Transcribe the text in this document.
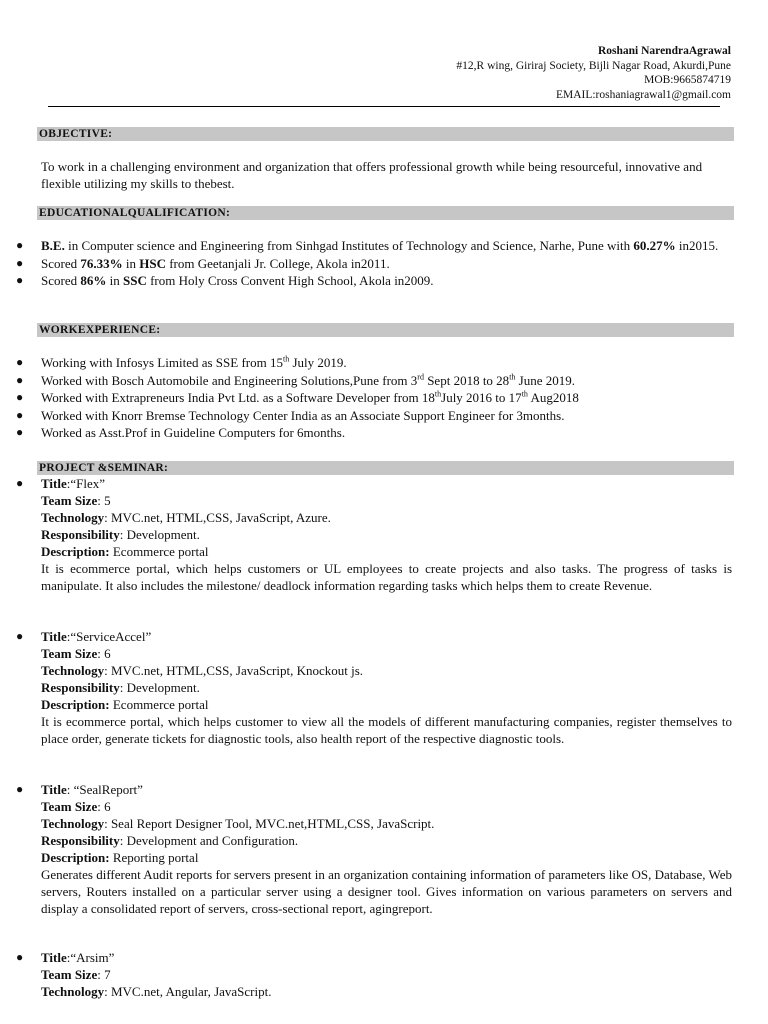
Roshani NarendraAgrawal
#12,R wing, Giriraj Society, Bijli Nagar Road, Akurdi,Pune
MOB:9665874719
EMAIL:roshaniagrawal1@gmail.com
OBJECTIVE:
To work in a challenging environment and organization that offers professional growth while being resourceful, innovative and flexible utilizing my skills to thebest.
EDUCATIONALQUALIFICATION:
● B.E. in Computer science and Engineering from Sinhgad Institutes of Technology and Science, Narhe, Pune with 60.27% in2015.
● Scored 76.33% in HSC from Geetanjali Jr. College, Akola in2011.
● Scored 86% in SSC from Holy Cross Convent High School, Akola in2009.
WORKEXPERIENCE:
● Working with Infosys Limited as SSE from 15th July 2019.
● Worked with Bosch Automobile and Engineering Solutions,Pune from 3rd Sept 2018 to 28th June 2019.
● Worked with Extrapreneurs India Pvt Ltd. as a Software Developer from 18thJuly 2016 to 17th Aug2018
● Worked with Knorr Bremse Technology Center India as an Associate Support Engineer for 3months.
● Worked as Asst.Prof in Guideline Computers for 6months.
PROJECT &SEMINAR:
● Title:“Flex”
Team Size: 5
Technology: MVC.net, HTML,CSS, JavaScript, Azure.
Responsibility: Development.
Description: Ecommerce portal
It is ecommerce portal, which helps customers or UL employees to create projects and also tasks. The progress of tasks is manipulate. It also includes the milestone/ deadlock information regarding tasks which helps them to create Revenue.
● Title:“ServiceAccel”
Team Size: 6
Technology: MVC.net, HTML,CSS, JavaScript, Knockout js.
Responsibility: Development.
Description: Ecommerce portal
It is ecommerce portal, which helps customer to view all the models of different manufacturing companies, register themselves to place order, generate tickets for diagnostic tools, also health report of the respective diagnostic tools.
● Title: “SealReport”
Team Size: 6
Technology: Seal Report Designer Tool, MVC.net,HTML,CSS, JavaScript.
Responsibility: Development and Configuration.
Description: Reporting portal
Generates different Audit reports for servers present in an organization containing information of parameters like OS, Database, Web servers, Routers installed on a particular server using a designer tool. Gives information on various parameters on servers and display a consolidated report of servers, cross-sectional report, agingreport.
● Title:“Arsim”
Team Size: 7
Technology: MVC.net, Angular, JavaScript.
